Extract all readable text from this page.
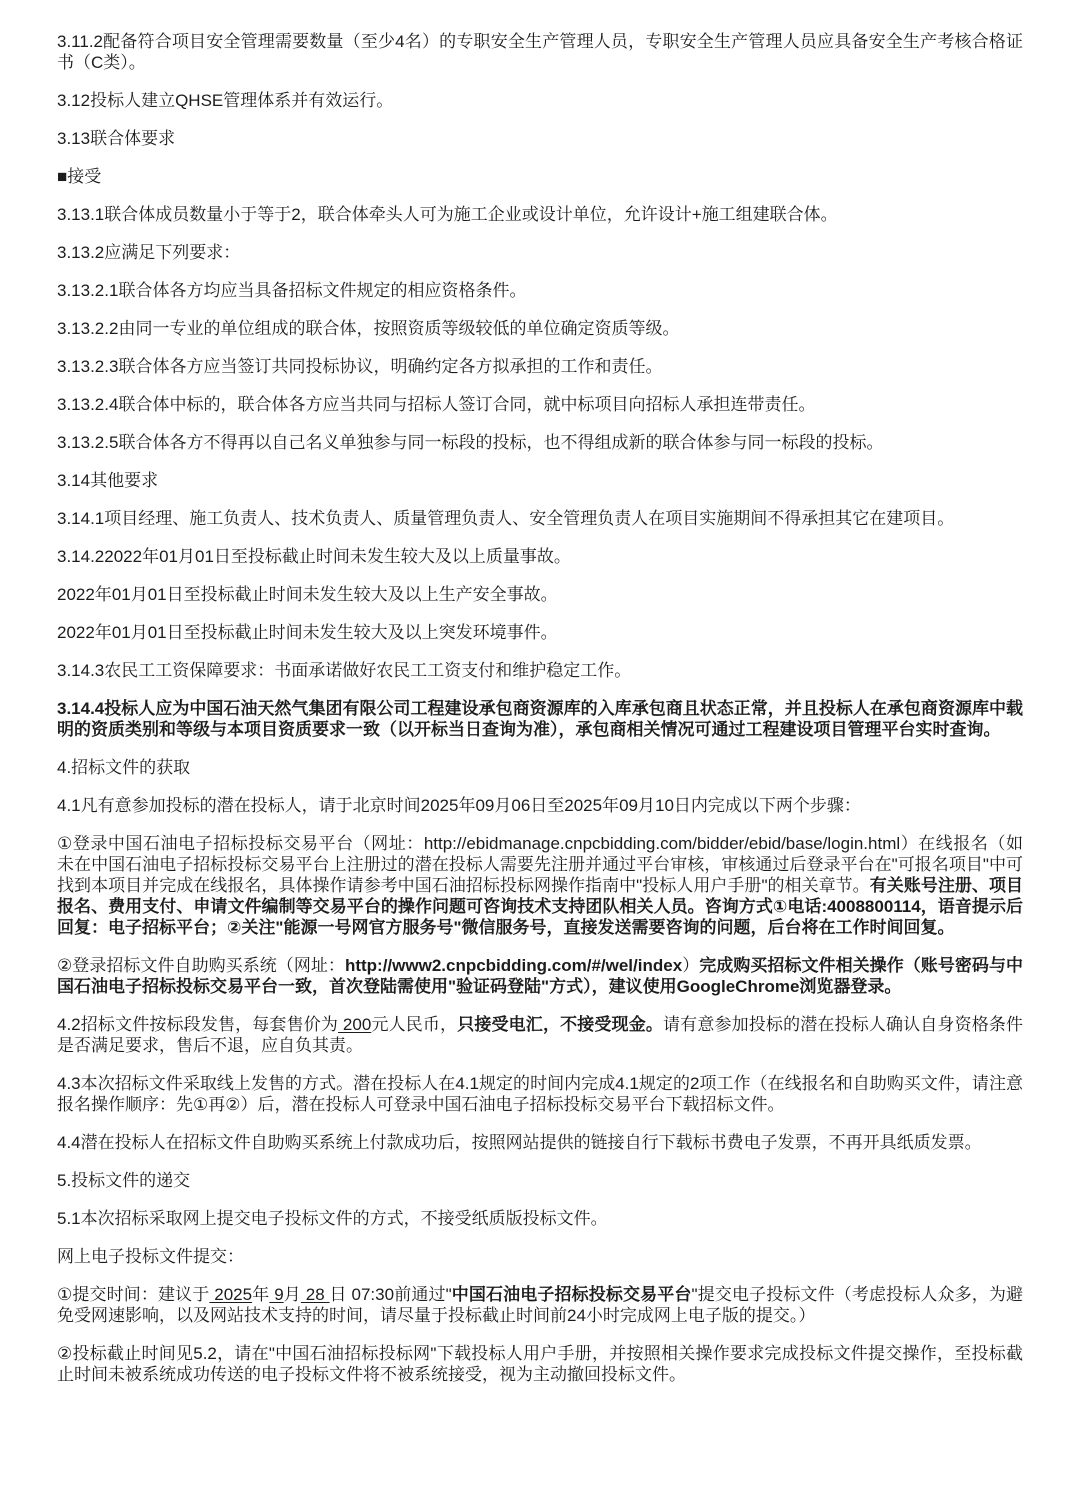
3.11.2配备符合项目安全管理需要数量（至少4名）的专职安全生产管理人员，专职安全生产管理人员应具备安全生产考核合格证书（C类）。

3.12投标人建立QHSE管理体系并有效运行。

3.13联合体要求

■接受

3.13.1联合体成员数量小于等于2，联合体牵头人可为施工企业或设计单位，允许设计+施工组建联合体。

3.13.2应满足下列要求：

3.13.2.1联合体各方均应当具备招标文件规定的相应资格条件。

3.13.2.2由同一专业的单位组成的联合体，按照资质等级较低的单位确定资质等级。

3.13.2.3联合体各方应当签订共同投标协议，明确约定各方拟承担的工作和责任。

3.13.2.4联合体中标的，联合体各方应当共同与招标人签订合同，就中标项目向招标人承担连带责任。

3.13.2.5联合体各方不得再以自己名义单独参与同一标段的投标，也不得组成新的联合体参与同一标段的投标。

3.14其他要求

3.14.1项目经理、施工负责人、技术负责人、质量管理负责人、安全管理负责人在项目实施期间不得承担其它在建项目。

3.14.22022年01月01日至投标截止时间未发生较大及以上质量事故。

2022年01月01日至投标截止时间未发生较大及以上生产安全事故。

2022年01月01日至投标截止时间未发生较大及以上突发环境事件。

3.14.3农民工工资保障要求：书面承诺做好农民工工资支付和维护稳定工作。

3.14.4投标人应为中国石油天然气集团有限公司工程建设承包商资源库的入库承包商且状态正常，并且投标人在承包商资源库中载明的资质类别和等级与本项目资质要求一致（以开标当日查询为准），承包商相关情况可通过工程建设项目管理平台实时查询。

4.招标文件的获取

4.1凡有意参加投标的潜在投标人，请于北京时间2025年09月06日至2025年09月10日内完成以下两个步骤：

①登录中国石油电子招标投标交易平台（网址：http://ebidmanage.cnpcbidding.com/bidder/ebid/base/login.html）在线报名（如未在中国石油电子招标投标交易平台上注册过的潜在投标人需要先注册并通过平台审核，审核通过后登录平台在"可报名项目"中可找到本项目并完成在线报名，具体操作请参考中国石油招标投标网操作指南中"投标人用户手册"的相关章节。有关账号注册、项目报名、费用支付、申请文件编制等交易平台的操作问题可咨询技术支持团队相关人员。咨询方式①电话:4008800114，语音提示后回复：电子招标平台；②关注"能源一号网官方服务号"微信服务号，直接发送需要咨询的问题，后台将在工作时间回复。

②登录招标文件自助购买系统（网址：http://www2.cnpcbidding.com/#/wel/index）完成购买招标文件相关操作（账号密码与中国石油电子招标投标交易平台一致，首次登陆需使用"验证码登陆"方式），建议使用GoogleChrome浏览器登录。

4.2招标文件按标段发售，每套售价为 200元人民币，只接受电汇，不接受现金。请有意参加投标的潜在投标人确认自身资格条件是否满足要求，售后不退，应自负其责。

4.3本次招标文件采取线上发售的方式。潜在投标人在4.1规定的时间内完成4.1规定的2项工作（在线报名和自助购买文件，请注意报名操作顺序：先①再②）后，潜在投标人可登录中国石油电子招标投标交易平台下载招标文件。

4.4潜在投标人在招标文件自助购买系统上付款成功后，按照网站提供的链接自行下载标书费电子发票，不再开具纸质发票。

5.投标文件的递交

5.1本次招标采取网上提交电子投标文件的方式，不接受纸质版投标文件。

网上电子投标文件提交：

①提交时间：建议于 2025年 9月 28 日 07:30前通过"中国石油电子招标投标交易平台"提交电子投标文件（考虑投标人众多，为避免受网速影响，以及网站技术支持的时间，请尽量于投标截止时间前24小时完成网上电子版的提交。）

②投标截止时间见5.2，请在"中国石油招标投标网"下载投标人用户手册，并按照相关操作要求完成投标文件提交操作，至投标截止时间未被系统成功传送的电子投标文件将不被系统接受，视为主动撤回投标文件。
